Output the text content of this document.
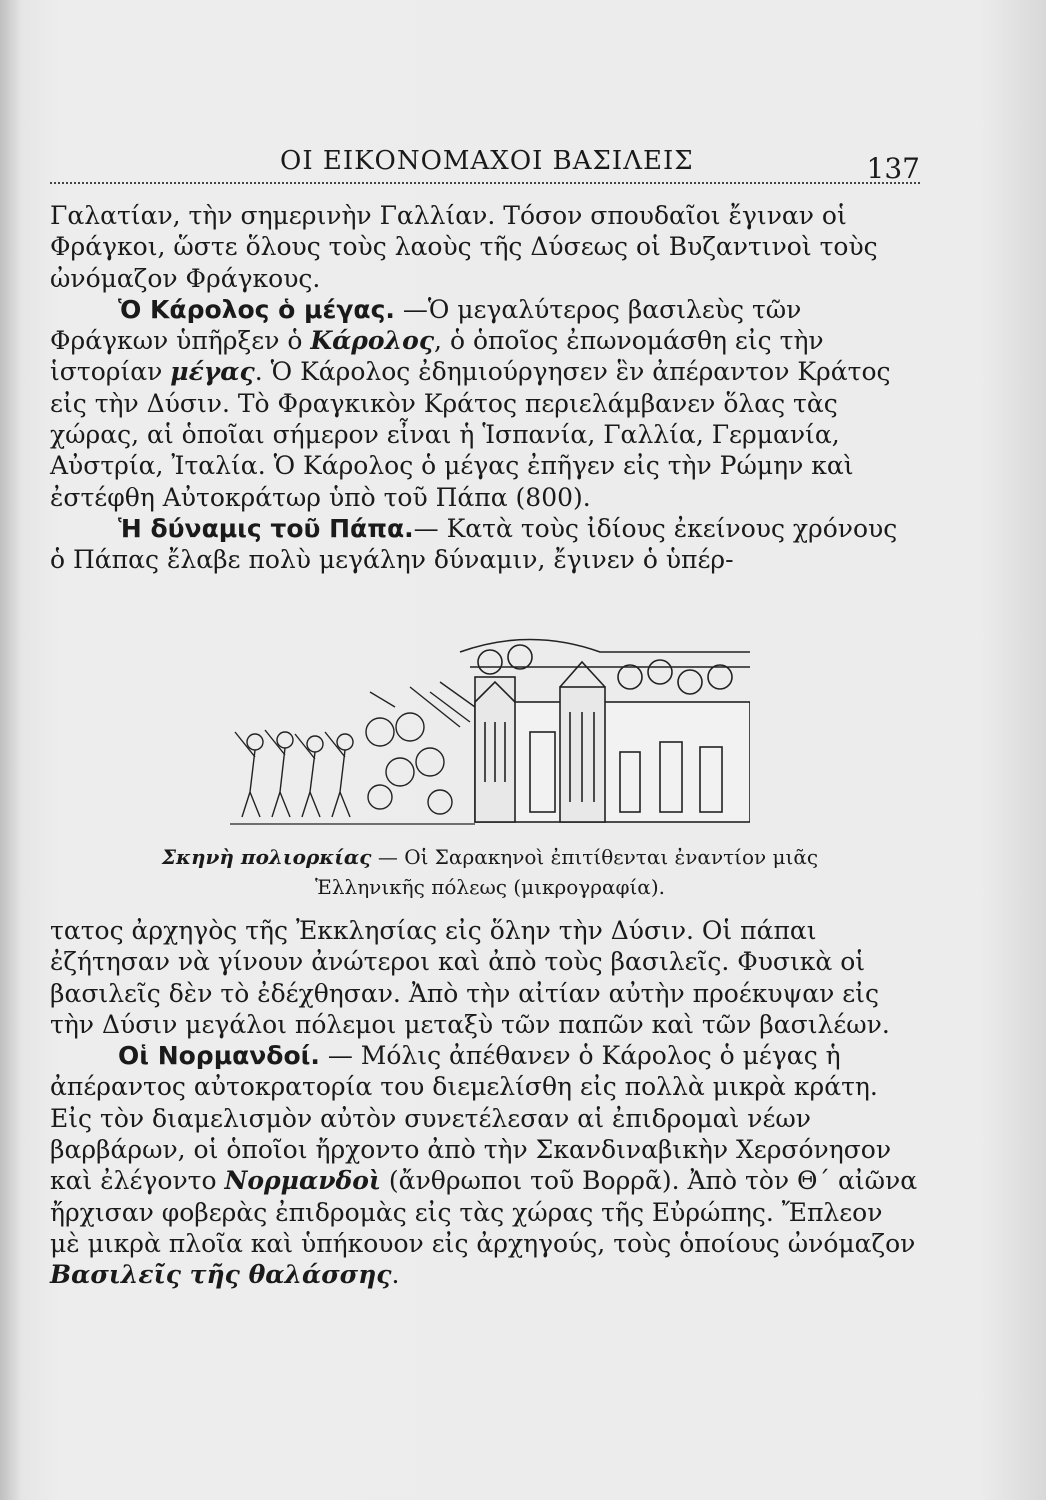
ΟΙ ΕΙΚΟΝΟΜΑΧΟΙ ΒΑΣΙΛΕΙΣ	137

Γαλατίαν, τὴν σημερινὴν Γαλλίαν. Τόσον σπουδαῖοι ἔγιναν οἱ Φράγκοι, ὥστε ὅλους τοὺς λαοὺς τῆς Δύσεως οἱ Βυζαντινοὶ τοὺς ὠνόμαζον Φράγκους.

Ὁ Κάρολος ὁ μέγας. —Ὁ μεγαλύτερος βασιλεὺς τῶν Φράγκων ὑπῆρξεν ὁ Κάρολος, ὁ ὁποῖος ἐπωνομάσθη εἰς τὴν ἱστορίαν μέγας. Ὁ Κάρολος ἐδημιούργησεν ἓν ἀπέραντον Κράτος εἰς τὴν Δύσιν. Τὸ Φραγκικὸν Κράτος περιελάμβανεν ὅλας τὰς χώρας, αἱ ὁποῖαι σήμερον εἶναι ἡ Ἱσπανία, Γαλλία, Γερμανία, Αὐστρία, Ἰταλία. Ὁ Κάρολος ὁ μέγας ἐπῆγεν εἰς τὴν Ρώμην καὶ ἐστέφθη Αὐτοκράτωρ ὑπὸ τοῦ Πάπα (800).

Ἡ δύναμις τοῦ Πάπα.— Κατὰ τοὺς ἰδίους ἐκείνους χρόνους ὁ Πάπας ἔλαβε πολὺ μεγάλην δύναμιν, ἔγινεν ὁ ὑπέρ-

Σκηνὴ πολιορκίας — Οἱ Σαρακηνοὶ ἐπιτίθενται ἐναντίον μιᾶς Ἑλληνικῆς πόλεως (μικρογραφία).

τατος ἀρχηγὸς τῆς Ἐκκλησίας εἰς ὅλην τὴν Δύσιν. Οἱ πάπαι ἐζήτησαν νὰ γίνουν ἀνώτεροι καὶ ἀπὸ τοὺς βασιλεῖς. Φυσικὰ οἱ βασιλεῖς δὲν τὸ ἐδέχθησαν. Ἀπὸ τὴν αἰτίαν αὐτὴν προέκυψαν εἰς τὴν Δύσιν μεγάλοι πόλεμοι μεταξὺ τῶν παπῶν καὶ τῶν βασιλέων.

Οἱ Νορμανδοί. — Μόλις ἀπέθανεν ὁ Κάρολος ὁ μέγας ἡ ἀπέραντος αὐτοκρατορία του διεμελίσθη εἰς πολλὰ μικρὰ κράτη. Εἰς τὸν διαμελισμὸν αὐτὸν συνετέλεσαν αἱ ἐπιδρομαὶ νέων βαρβάρων, οἱ ὁποῖοι ἤρχοντο ἀπὸ τὴν Σκανδιναβικὴν Χερσόνησον καὶ ἐλέγοντο Νορμανδοὶ (ἄνθρωποι τοῦ Βορρᾶ). Ἀπὸ τὸν Θ΄ αἰῶνα ἤρχισαν φοβερὰς ἐπιδρομὰς εἰς τὰς χώρας τῆς Εὐρώπης. Ἔπλεον μὲ μικρὰ πλοῖα καὶ ὑπήκουον εἰς ἀρχηγούς, τοὺς ὁποίους ὠνόμαζον Βασιλεῖς τῆς θαλάσσης.
